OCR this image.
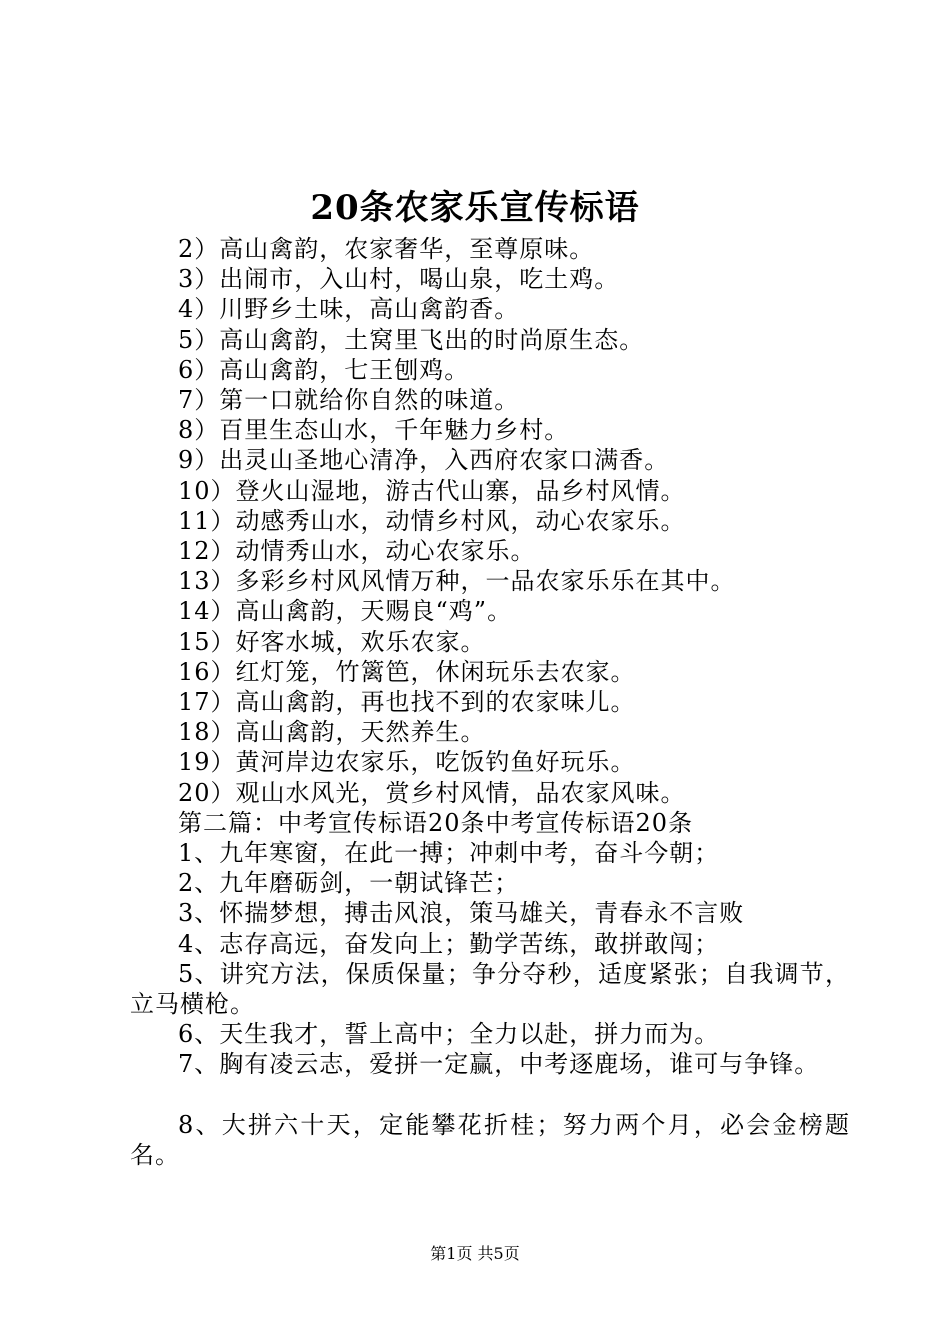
20条农家乐宣传标语

2）高山禽韵，农家奢华，至尊原味。

3）出闹市，入山村，喝山泉，吃土鸡。

4）川野乡土味，高山禽韵香。

5）高山禽韵，土窝里飞出的时尚原生态。

6）高山禽韵，七王刨鸡。

7）第一口就给你自然的味道。

8）百里生态山水，千年魅力乡村。

9）出灵山圣地心清净，入西府农家口满香。

10）登火山湿地，游古代山寨，品乡村风情。

11）动感秀山水，动情乡村风，动心农家乐。

12）动情秀山水，动心农家乐。

13）多彩乡村风风情万种，一品农家乐乐在其中。

14）高山禽韵，天赐良“鸡”。

15）好客水城，欢乐农家。

16）红灯笼，竹篱笆，休闲玩乐去农家。

17）高山禽韵，再也找不到的农家味儿。

18）高山禽韵，天然养生。

19）黄河岸边农家乐，吃饭钓鱼好玩乐。

20）观山水风光，赏乡村风情，品农家风味。

第二篇：中考宣传标语20条中考宣传标语20条

1、九年寒窗，在此一搏；冲刺中考，奋斗今朝；

2、九年磨砺剑，一朝试锋芒；

3、怀揣梦想，搏击风浪，策马雄关，青春永不言败

4、志存高远，奋发向上；勤学苦练，敢拼敢闯；

5、讲究方法，保质保量；争分夺秒，适度紧张；自我调节，立马横枪。

6、天生我才，誓上高中；全力以赴，拼力而为。

7、胸有凌云志，爱拼一定赢，中考逐鹿场，谁可与争锋。

8、大拼六十天，定能攀花折桂；努力两个月，必会金榜题名。

第1页 共5页
